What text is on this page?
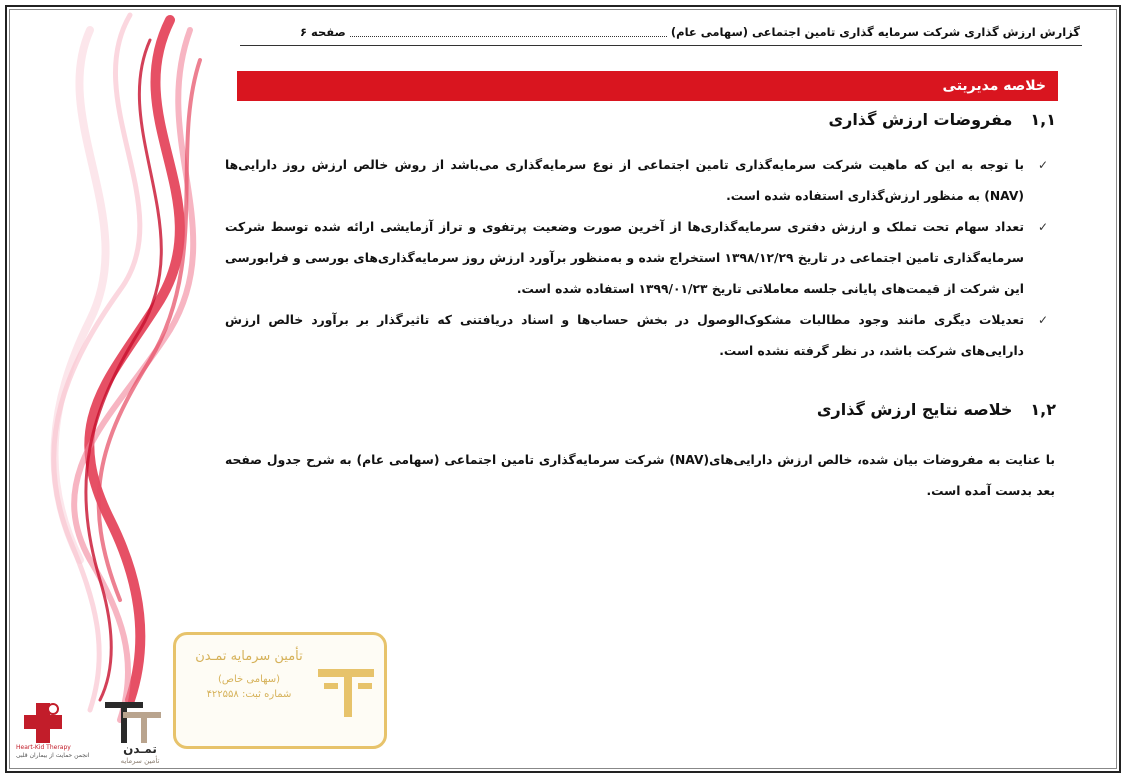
گزارش ارزش گذاری شرکت سرمایه گذاری تامین اجتماعی (سهامی عام)
صفحه ۶
خلاصه مدیریتی
۱,۱
مفروضات ارزش گذاری
✓
با توجه به این که ماهیت شرکت سرمایه‌گذاری تامین اجتماعی از نوع سرمایه‌گذاری می‌باشد از روش خالص ارزش روز دارایی‌ها (NAV) به منظور ارزش‌گذاری استفاده شده است.
✓
تعداد سهام تحت تملک و ارزش دفتری سرمایه‌گذاری‌ها از آخرین صورت وضعیت پرتفوی و تراز آزمایشی ارائه شده توسط شرکت سرمایه‌گذاری تامین اجتماعی در تاریخ ۱۳۹۸/۱۲/۲۹ استخراج شده و به‌منظور برآورد ارزش روز سرمایه‌گذاری‌های بورسی و فرابورسی این شرکت از قیمت‌های پایانی جلسه معاملاتی تاریخ ۱۳۹۹/۰۱/۲۳ استفاده شده است.
✓
تعدیلات دیگری مانند وجود مطالبات مشکوک‌الوصول در بخش حساب‌ها و اسناد دریافتنی که تاثیرگذار بر برآورد خالص ارزش دارایی‌های شرکت باشد، در نظر گرفته نشده است.
۱,۲
خلاصه نتایج ارزش گذاری
با عنایت به مفروضات بیان شده، خالص ارزش دارایی‌های(NAV) شرکت سرمایه‌گذاری تامین اجتماعی (سهامی عام) به شرح جدول صفحه بعد بدست آمده است.
تأمین سرمایه تمـدن
(سهامی خاص)
شماره ثبت: ۴۲۲۵۵۸
Heart-Kid Therapy
انجمن حمایت از بیماران قلبی	تمـدن
تأمین سرمایه
